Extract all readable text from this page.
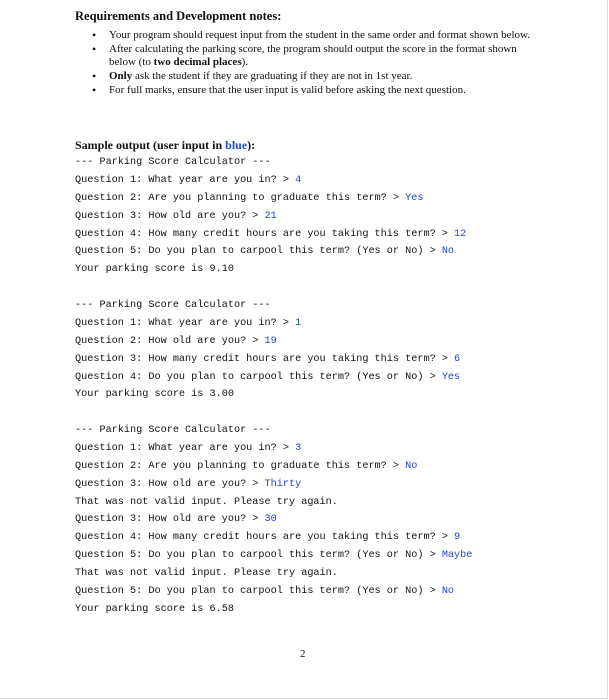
Requirements and Development notes:
• Your program should request input from the student in the same order and format shown below.
• After calculating the parking score, the program should output the score in the format shown below (to two decimal places).
• Only ask the student if they are graduating if they are not in 1st year.
• For full marks, ensure that the user input is valid before asking the next question.
Sample output (user input in blue):
--- Parking Score Calculator ---
Question 1: What year are you in? > 4
Question 2: Are you planning to graduate this term? > Yes
Question 3: How old are you? > 21
Question 4: How many credit hours are you taking this term? > 12
Question 5: Do you plan to carpool this term? (Yes or No) > No
Your parking score is 9.10
--- Parking Score Calculator ---
Question 1: What year are you in? > 1
Question 2: How old are you? > 19
Question 3: How many credit hours are you taking this term? > 6
Question 4: Do you plan to carpool this term? (Yes or No) > Yes
Your parking score is 3.00
--- Parking Score Calculator ---
Question 1: What year are you in? > 3
Question 2: Are you planning to graduate this term? > No
Question 3: How old are you? > Thirty
That was not valid input. Please try again.
Question 3: How old are you? > 30
Question 4: How many credit hours are you taking this term? > 9
Question 5: Do you plan to carpool this term? (Yes or No) > Maybe
That was not valid input. Please try again.
Question 5: Do you plan to carpool this term? (Yes or No) > No
Your parking score is 6.58
2
